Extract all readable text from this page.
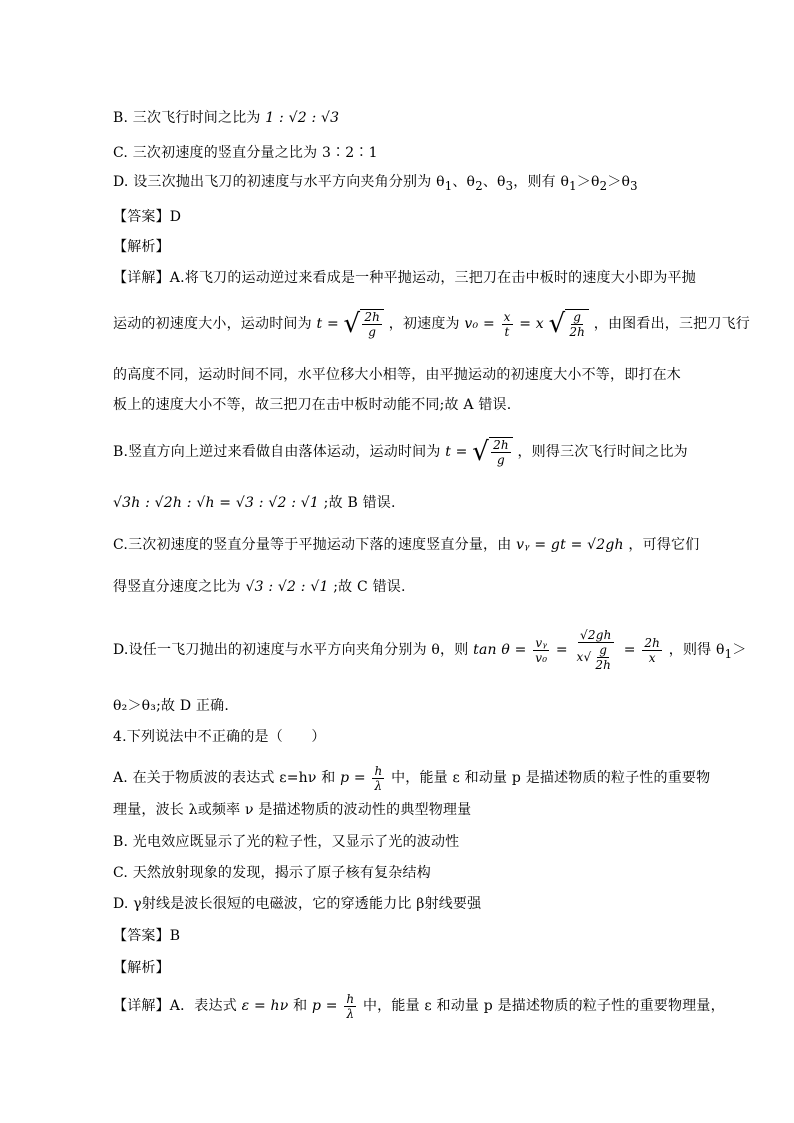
B. 三次飞行时间之比为 1 : √2 : √3
C. 三次初速度的竖直分量之比为 3∶2∶1
D. 设三次抛出飞刀的初速度与水平方向夹角分别为 $\theta_1$、$\theta_2$、$\theta_3$，则有 $\theta_1>\theta_2>\theta_3$
【答案】D
【解析】
【详解】A.将飞刀的运动逆过来看成是一种平抛运动，三把刀在击中板时的速度大小即为平抛
运动的初速度大小，运动时间为 t = √ $\frac{2h}{g}$ ，初速度为 $v_0 = \frac{x}{t} = x$ √ $\frac{g}{2h}$ ，由图看出，三把刀飞行
的高度不同，运动时间不同，水平位移大小相等，由平抛运动的初速度大小不等，即打在木
板上的速度大小不等，故三把刀在击中板时动能不同;故 A 错误.
B.竖直方向上逆过来看做自由落体运动，运动时间为 t = √ $\frac{2h}{g}$ ，则得三次飞行时间之比为
√3h : √2h : √h = √3 : √2 : √1 ;故 B 错误.
C.三次初速度的竖直分量等于平抛运动下落的速度竖直分量，由 vᵧ = gt = √2gh ，可得它们
得竖直分速度之比为 √3 : √2 : √1 ;故 C 错误.
D.设任一飞刀抛出的初速度与水平方向夹角分别为 θ，则 $\tan \theta = \frac{\text{vᵧ}}{\text{v₀}} = \frac{√2gh}{x√ \frac{g}{2h}} = \frac{2h}{x}$ ，则得 $\theta_1>$
θ₂＞θ₃;故 D 正确.
4.下列说法中不正确的是（　　）
A. 在关于物质波的表达式 ε=hν 和 $p = \frac{h}{\lambda}$ 中，能量 ε 和动量 p 是描述物质的粒子性的重要物
理量，波长 λ或频率 ν 是描述物质的波动性的典型物理量
B. 光电效应既显示了光的粒子性，又显示了光的波动性
C. 天然放射现象的发现，揭示了原子核有复杂结构
D. γ射线是波长很短的电磁波，它的穿透能力比 β射线要强
【答案】B
【解析】
【详解】A．表达式 ε = hν 和 $p = \frac{h}{\lambda}$ 中，能量 ε 和动量 p 是描述物质的粒子性的重要物理量，
